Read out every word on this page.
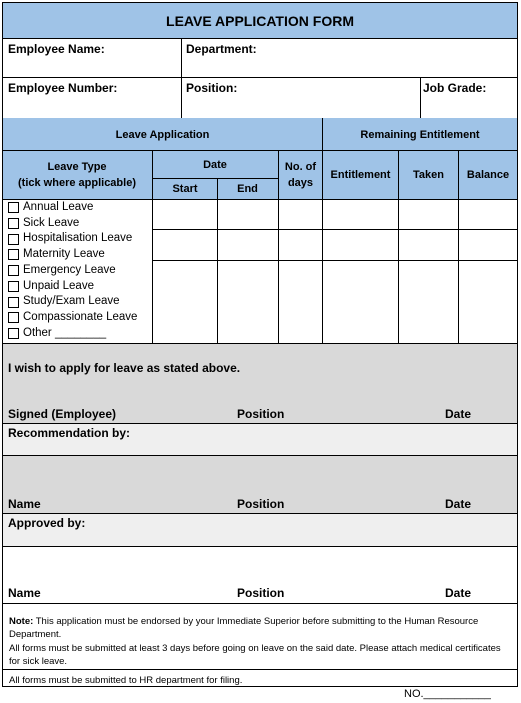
LEAVE APPLICATION FORM
Employee Name:	Department:
Employee Number:	Position:	Job Grade:
Leave Application	Remaining Entitlement
Leave Type
(tick where applicable)
Date
Start	End
No. of
days
Entitlement	Taken	Balance
Annual Leave
Sick Leave
Hospitalisation Leave
Maternity Leave
Emergency Leave
Unpaid Leave
Study/Exam Leave
Compassionate Leave
Other ________
I wish to apply for leave as stated above.
Signed (Employee)	Position	Date
Recommendation by:
Name	Position	Date
Approved by:
Name	Position	Date
Note: This application must be endorsed by your Immediate Superior before submitting to the Human Resource Department.
All forms must be submitted at least 3 days before going on leave on the said date. Please attach medical certificates for sick leave.
All forms must be submitted to HR department for filing.
NO.___________
